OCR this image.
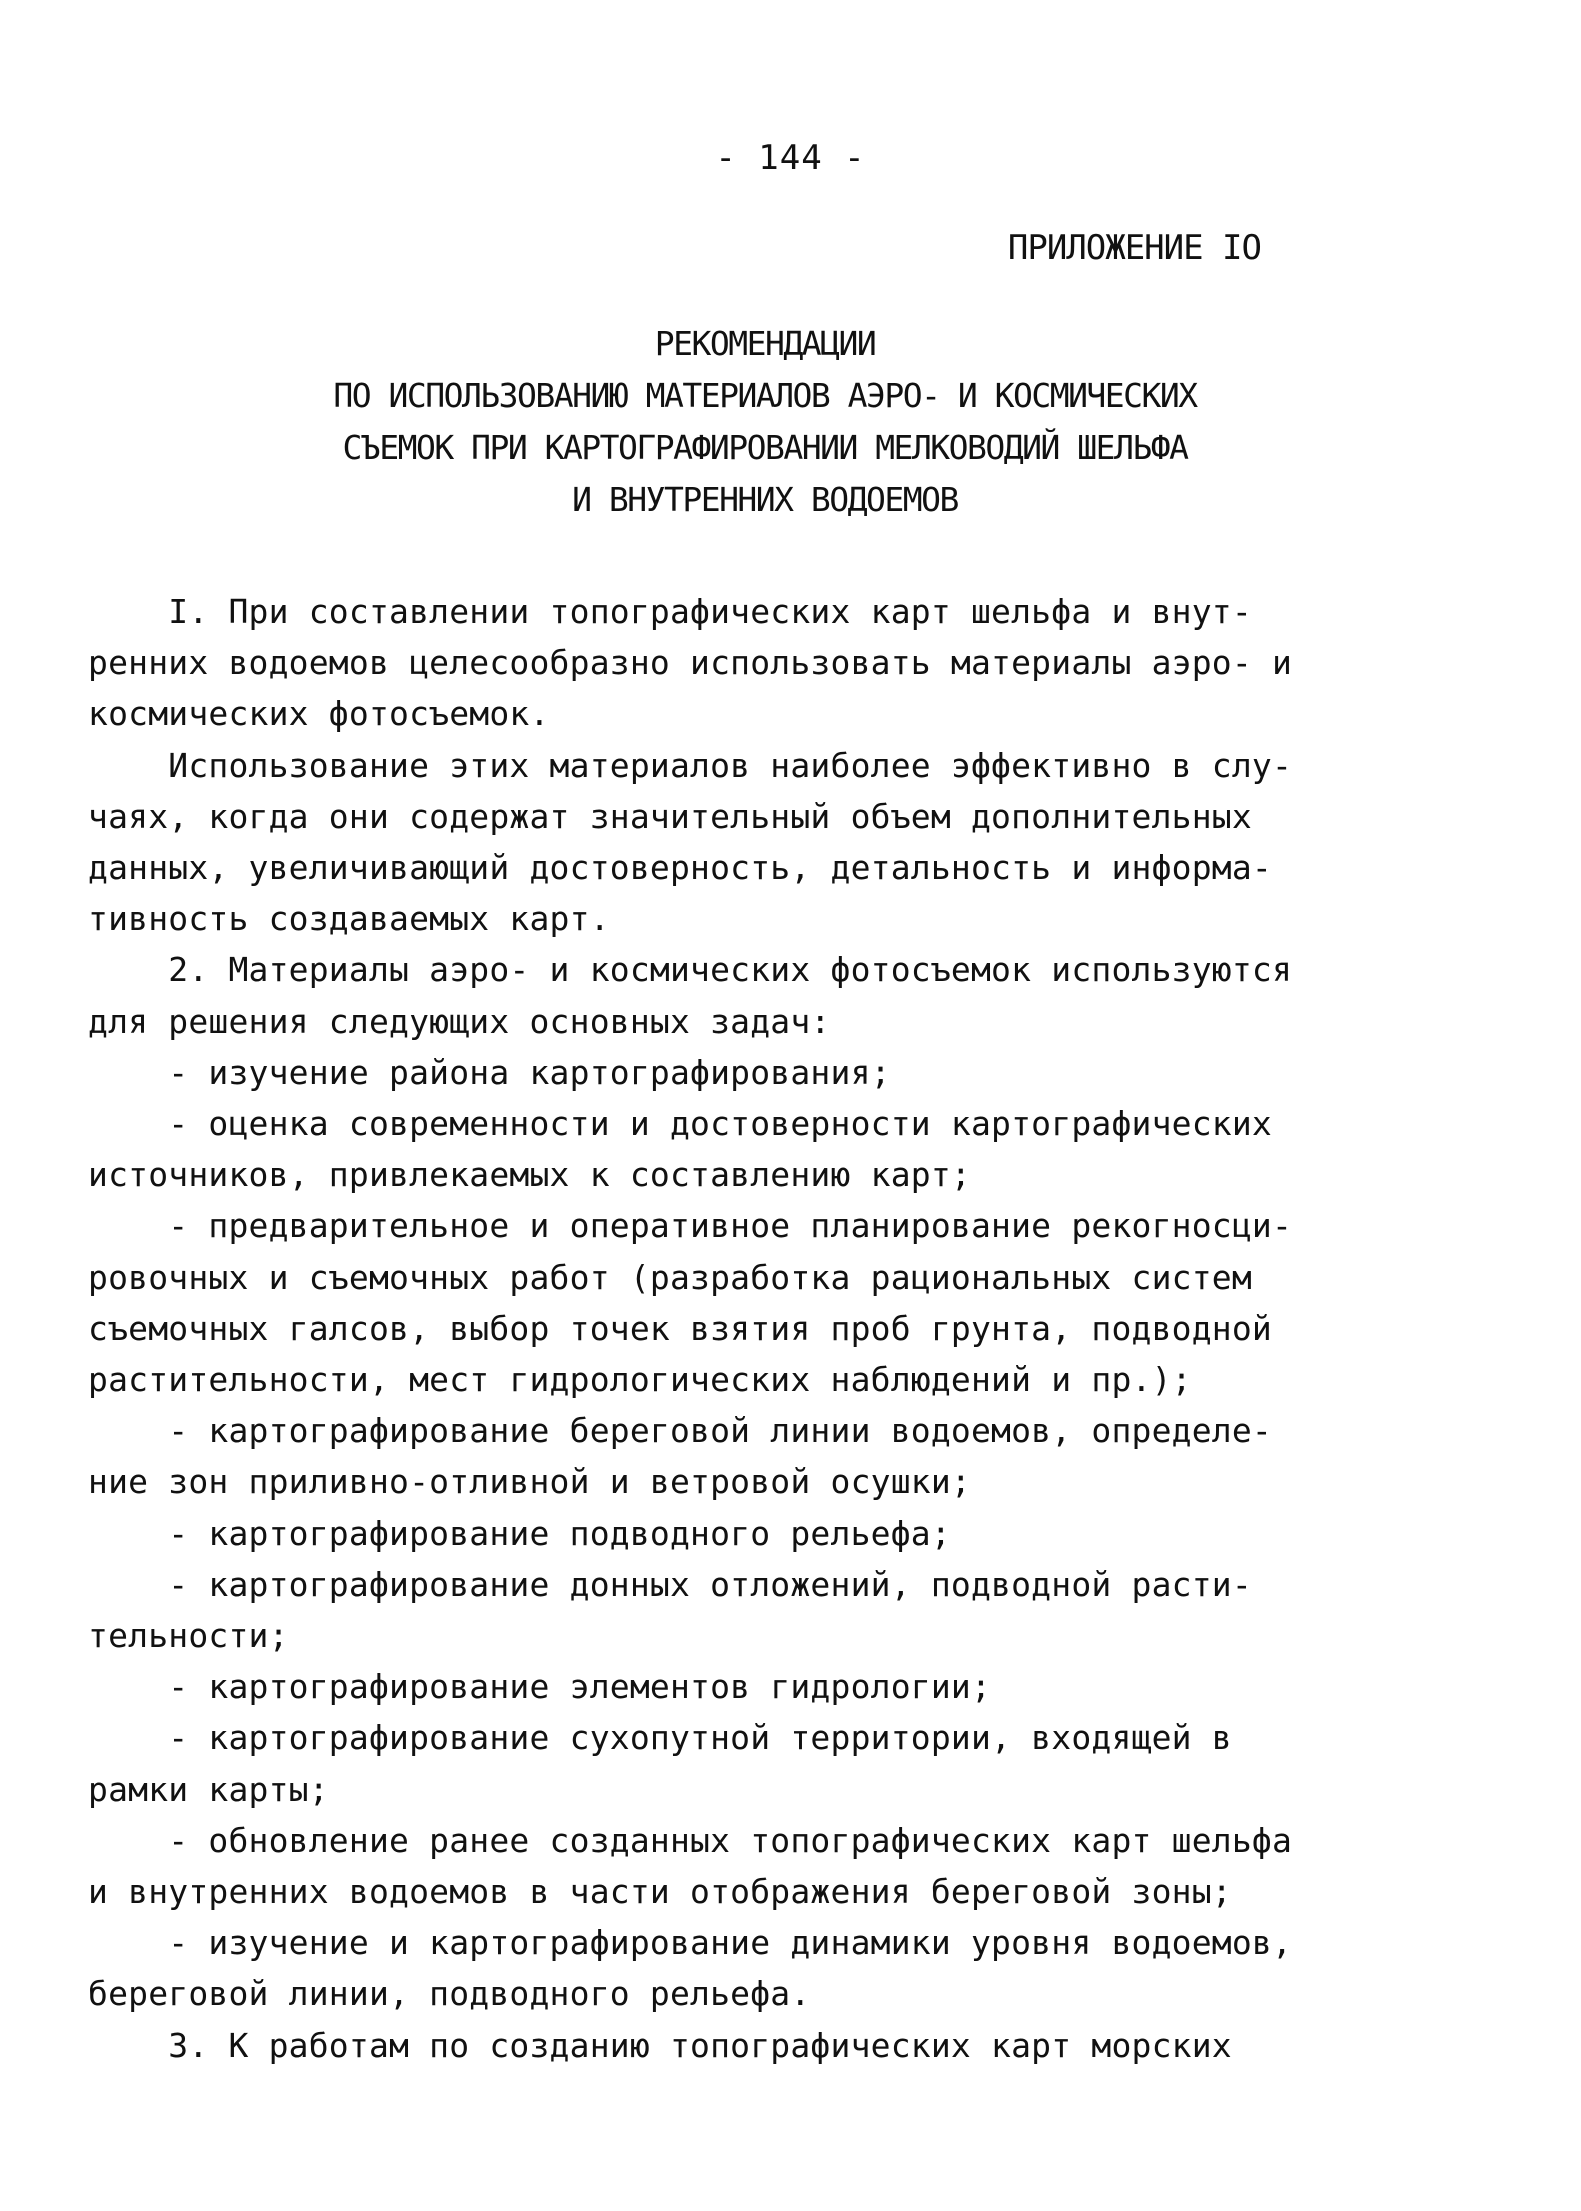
- 144 -
ПРИЛОЖЕНИЕ IO
РЕКОМЕНДАЦИИ
ПО ИСПОЛЬЗОВАНИЮ МАТЕРИАЛОВ АЭРО- И КОСМИЧЕСКИХ
СЪЕМОК ПРИ КАРТОГРАФИРОВАНИИ МЕЛКОВОДИЙ ШЕЛЬФА
И ВНУТРЕННИХ ВОДОЕМОВ
I. При составлении топографических карт шельфа и внут-
ренних водоемов целесообразно использовать материалы аэро- и
космических фотосъемок.
Использование этих материалов наиболее эффективно в слу-
чаях, когда они содержат значительный объем дополнительных
данных, увеличивающий достоверность, детальность и информа-
тивность создаваемых карт.
2. Материалы аэро- и космических фотосъемок используются
для решения следующих основных задач:
- изучение района картографирования;
- оценка современности и достоверности картографических
источников, привлекаемых к составлению карт;
- предварительное и оперативное планирование рекогносци-
ровочных и съемочных работ (разработка рациональных систем
съемочных галсов, выбор точек взятия проб грунта, подводной
растительности, мест гидрологических наблюдений и пр.);
- картографирование береговой линии водоемов, определе-
ние зон приливно-отливной и ветровой осушки;
- картографирование подводного рельефа;
- картографирование донных отложений, подводной расти-
тельности;
- картографирование элементов гидрологии;
- картографирование сухопутной территории, входящей в
рамки карты;
- обновление ранее созданных топографических карт шельфа
и внутренних водоемов в части отображения береговой зоны;
- изучение и картографирование динамики уровня водоемов,
береговой линии, подводного рельефа.
3. К работам по созданию топографических карт морских
